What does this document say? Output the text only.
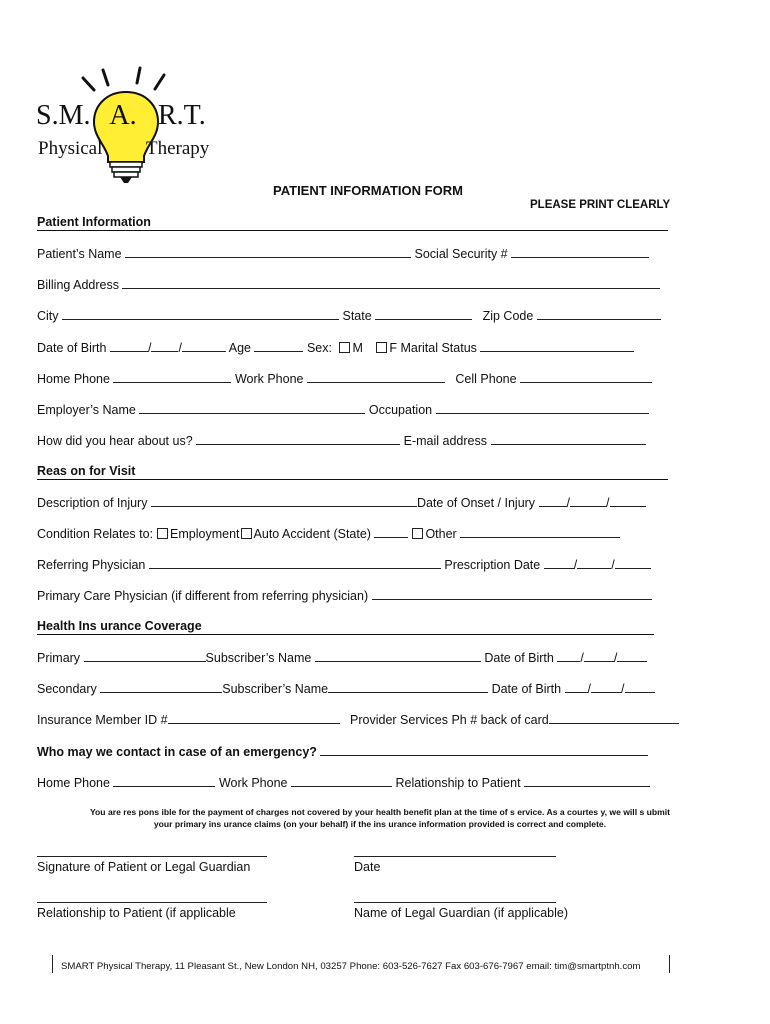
S.M. A. R.T.
Physical Therapy
PATIENT INFORMATION FORM
PLEASE PRINT CLEARLY
Patient Information
Patient’s Name	Social Security #
Billing Address
City	State	Zip Code
Date of Birth	/ /	Age	Sex: M F Marital Status
Home Phone	Work Phone	Cell Phone
Employer’s Name	Occupation
How did you hear about us?	E-mail address
Reas on for Visit
Description of Injury	Date of Onset / Injury	/	/
Condition Relates to: Employment Auto Accident (State)	Other
Referring Physician	Prescription Date	/	/
Primary Care Physician (if different from referring physician)
Health Ins urance Coverage
Primary	Subscriber’s Name	Date of Birth / /
Secondary	Subscriber’s Name	Date of Birth / /
Insurance Member ID #	Provider Services Ph # back of card
Who may we contact in case of an emergency?
Home Phone	Work Phone	Relationship to Patient
You are res pons ible for the payment of charges not covered by your health benefit plan at the time of s ervice. As a courtes y, we will s ubmit
your primary ins urance claims (on your behalf) if the ins urance information provided is correct and complete.
Signature of Patient or Legal Guardian	Date
Relationship to Patient (if applicable	Name of Legal Guardian (if applicable)
SMART Physical Therapy, 11 Pleasant St., New London NH, 03257 Phone: 603-526-7627 Fax 603-676-7967 email: tim@smartptnh.com
